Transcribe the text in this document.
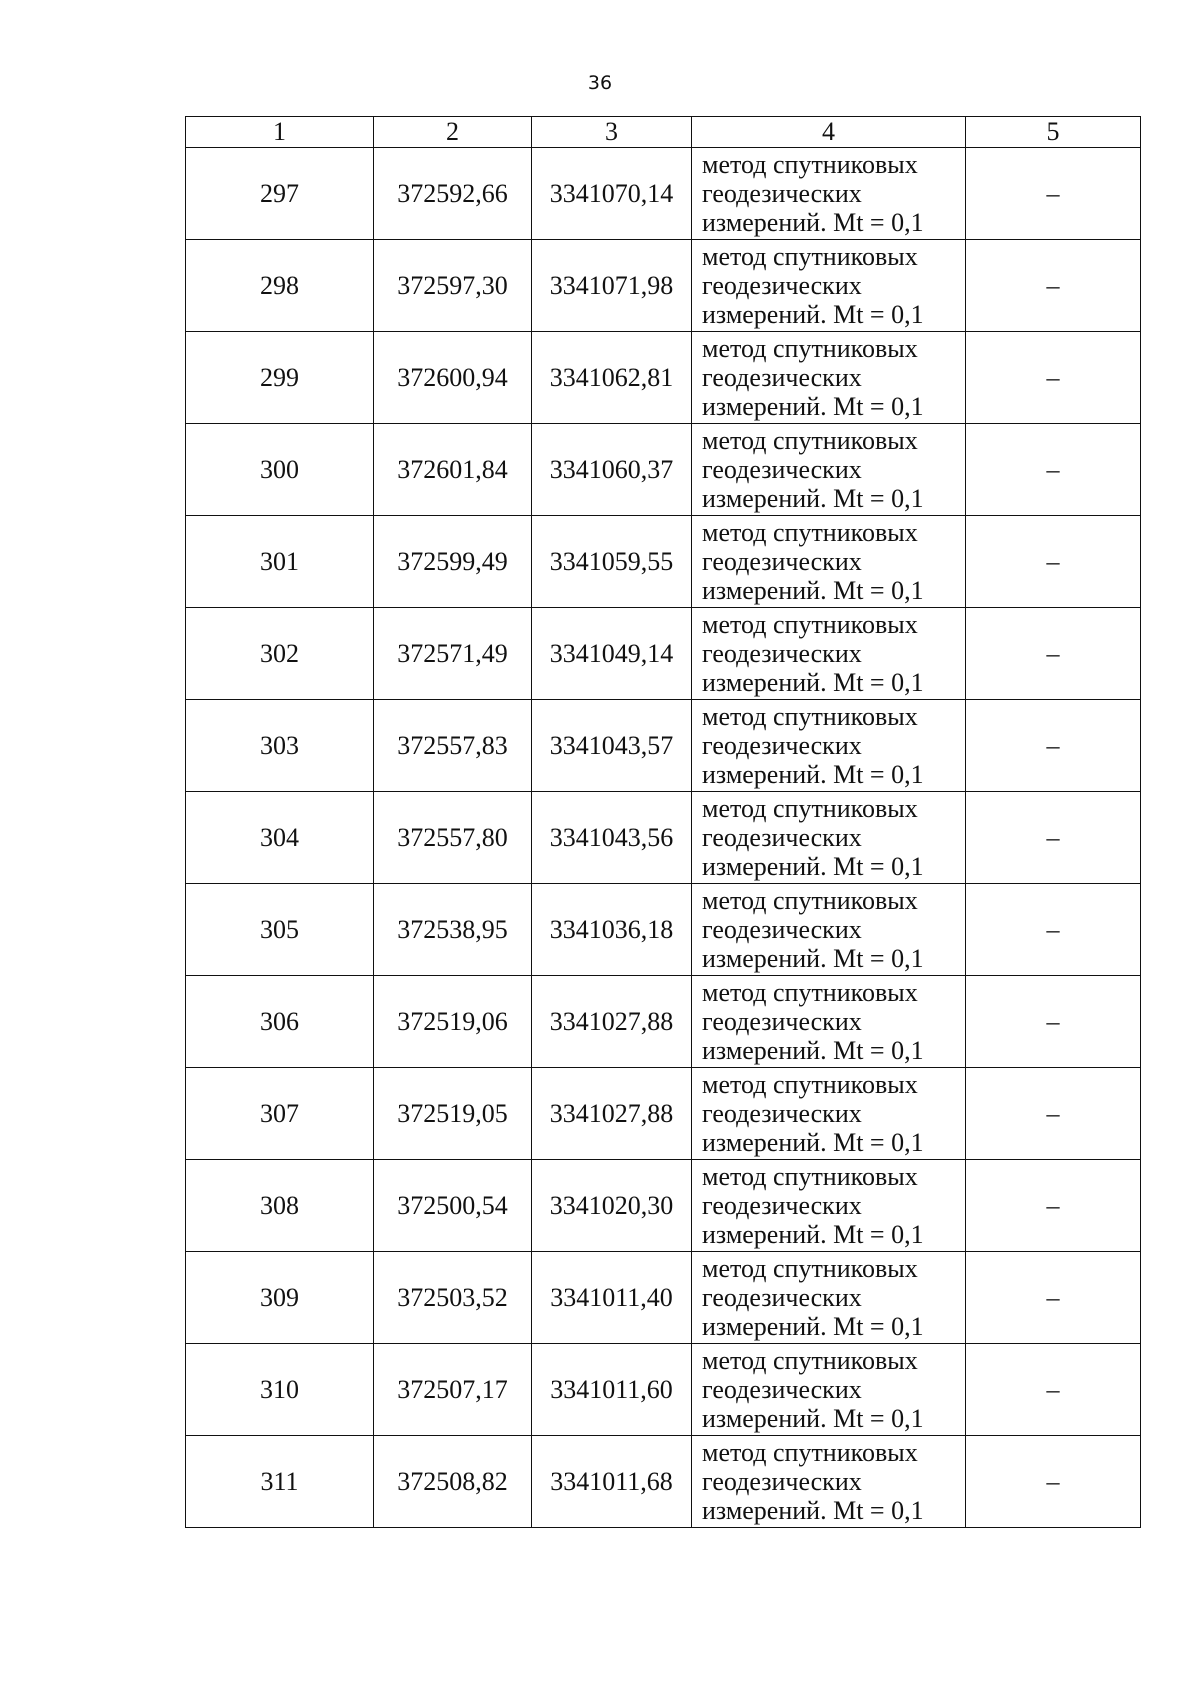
36
1	2	3	4	5
297	372592,66	3341070,14	метод спутниковых
геодезических
измерений. Mt = 0,1	–
298	372597,30	3341071,98	метод спутниковых
геодезических
измерений. Mt = 0,1	–
299	372600,94	3341062,81	метод спутниковых
геодезических
измерений. Mt = 0,1	–
300	372601,84	3341060,37	метод спутниковых
геодезических
измерений. Mt = 0,1	–
301	372599,49	3341059,55	метод спутниковых
геодезических
измерений. Mt = 0,1	–
302	372571,49	3341049,14	метод спутниковых
геодезических
измерений. Mt = 0,1	–
303	372557,83	3341043,57	метод спутниковых
геодезических
измерений. Mt = 0,1	–
304	372557,80	3341043,56	метод спутниковых
геодезических
измерений. Mt = 0,1	–
305	372538,95	3341036,18	метод спутниковых
геодезических
измерений. Mt = 0,1	–
306	372519,06	3341027,88	метод спутниковых
геодезических
измерений. Mt = 0,1	–
307	372519,05	3341027,88	метод спутниковых
геодезических
измерений. Mt = 0,1	–
308	372500,54	3341020,30	метод спутниковых
геодезических
измерений. Mt = 0,1	–
309	372503,52	3341011,40	метод спутниковых
геодезических
измерений. Mt = 0,1	–
310	372507,17	3341011,60	метод спутниковых
геодезических
измерений. Mt = 0,1	–
311	372508,82	3341011,68	метод спутниковых
геодезических
измерений. Mt = 0,1	–
